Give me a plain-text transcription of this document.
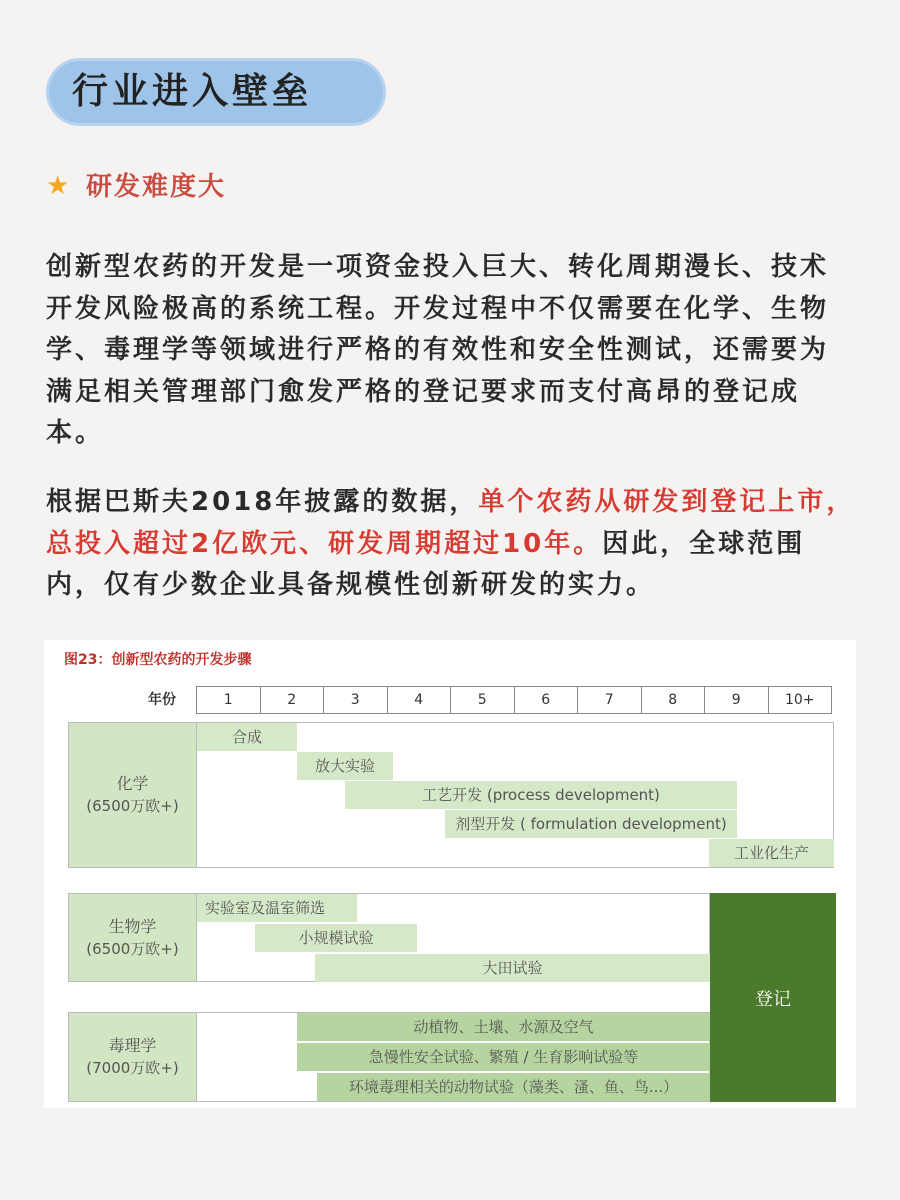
行业进入壁垒
★ 研发难度大
创新型农药的开发是一项资金投入巨大、转化周期漫长、技术开发风险极高的系统工程。开发过程中不仅需要在化学、生物学、毒理学等领域进行严格的有效性和安全性测试，还需要为满足相关管理部门愈发严格的登记要求而支付高昂的登记成本。
根据巴斯夫2018年披露的数据，单个农药从研发到登记上市，总投入超过2亿欧元、研发周期超过10年。因此，全球范围内，仅有少数企业具备规模性创新研发的实力。
图23：创新型农药的开发步骤
年份	1	2	3	4	5	6	7	8	9	10+
化学
(6500万欧+)
合成
放大实验
工艺开发 (process development)
剂型开发 ( formulation development)
工业化生产
生物学
(6500万欧+)
实验室及温室筛选
小规模试验
大田试验
毒理学
(7000万欧+)
动植物、土壤、水源及空气
急慢性安全试验、繁殖 / 生育影响试验等
环境毒理相关的动物试验（藻类、溞、鱼、鸟...）
登记
